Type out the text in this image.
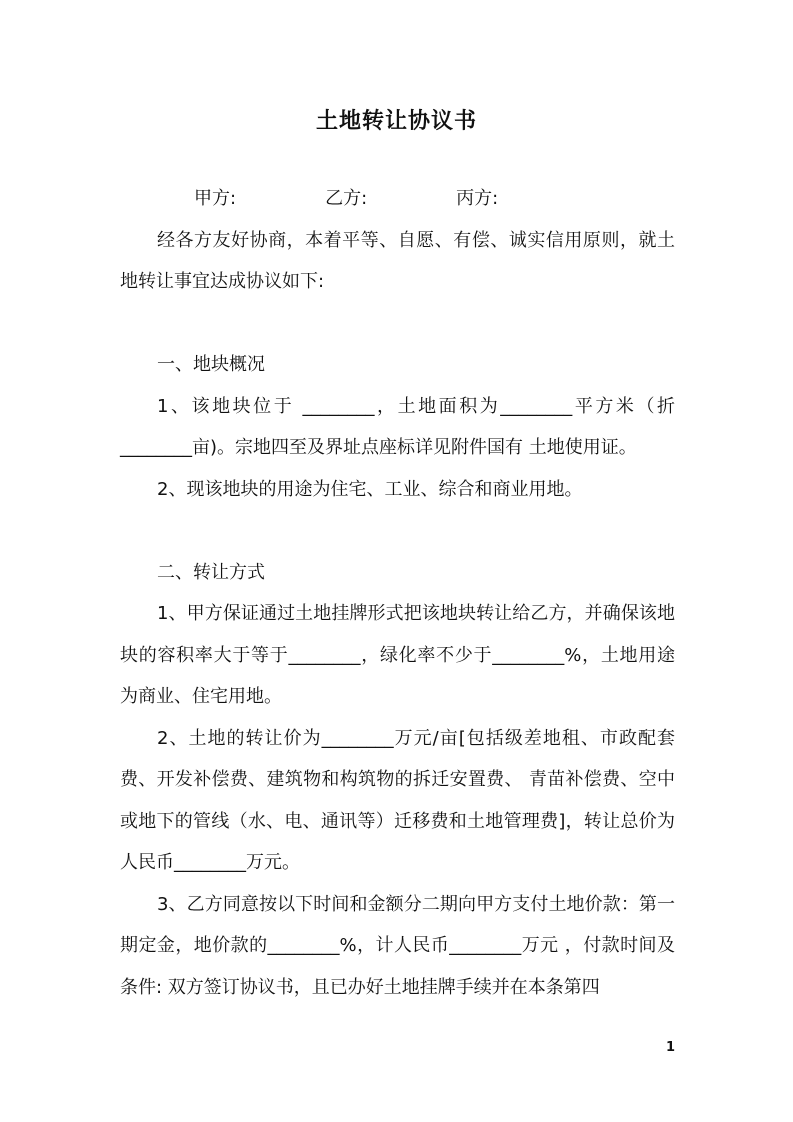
土地转让协议书

甲方:	乙方:	丙方:

经各方友好协商，本着平等、自愿、有偿、诚实信用原则，就土地转让事宜达成协议如下:

一、地块概况

1、该地块位于 ________，土地面积为________平方米（折________亩)。宗地四至及界址点座标详见附件国有 土地使用证。

2、现该地块的用途为住宅、工业、综合和商业用地。

二、转让方式

1、甲方保证通过土地挂牌形式把该地块转让给乙方，并确保该地块的容积率大于等于________，绿化率不少于________%，土地用途为商业、住宅用地。

2、土地的转让价为________万元/亩[包括级差地租、市政配套费、开发补偿费、建筑物和构筑物的拆迁安置费、 青苗补偿费、空中或地下的管线（水、电、通讯等）迁移费和土地管理费]，转让总价为人民币________万元。

3、乙方同意按以下时间和金额分二期向甲方支付土地价款：第一期定金，地价款的________%，计人民币________万元 ，付款时间及条件: 双方签订协议书，且已办好土地挂牌手续并在本条第四

1
